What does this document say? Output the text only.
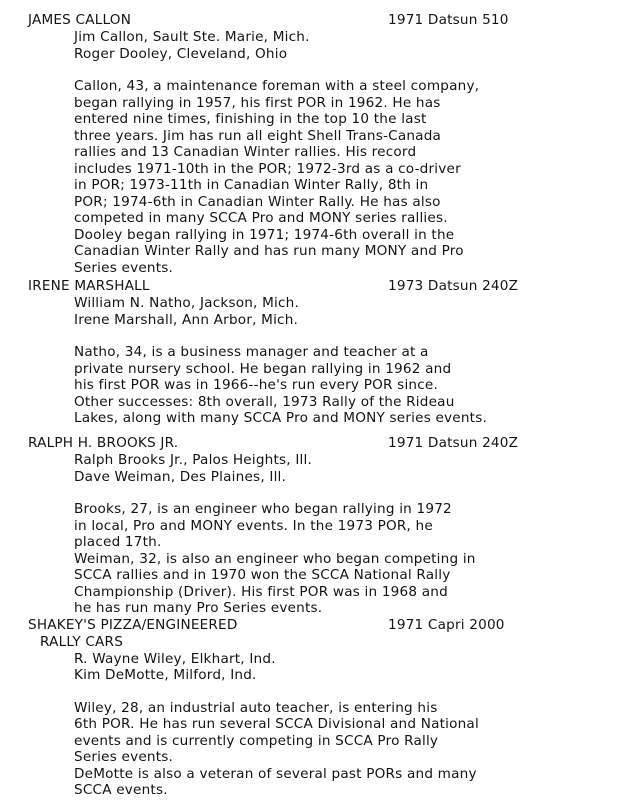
JAMES CALLON	1971 Datsun 510
Jim Callon, Sault Ste. Marie, Mich.
Roger Dooley, Cleveland, Ohio
Callon, 43, a maintenance foreman with a steel company,
began rallying in 1957, his first POR in 1962. He has
entered nine times, finishing in the top 10 the last
three years. Jim has run all eight Shell Trans-Canada
rallies and 13 Canadian Winter rallies. His record
includes 1971-10th in the POR; 1972-3rd as a co-driver
in POR; 1973-11th in Canadian Winter Rally, 8th in
POR; 1974-6th in Canadian Winter Rally. He has also
competed in many SCCA Pro and MONY series rallies.
Dooley began rallying in 1971; 1974-6th overall in the
Canadian Winter Rally and has run many MONY and Pro
Series events.
IRENE MARSHALL	1973 Datsun 240Z
William N. Natho, Jackson, Mich.
Irene Marshall, Ann Arbor, Mich.
Natho, 34, is a business manager and teacher at a
private nursery school. He began rallying in 1962 and
his first POR was in 1966--he's run every POR since.
Other successes: 8th overall, 1973 Rally of the Rideau
Lakes, along with many SCCA Pro and MONY series events.
RALPH H. BROOKS JR.	1971 Datsun 240Z
Ralph Brooks Jr., Palos Heights, Ill.
Dave Weiman, Des Plaines, Ill.
Brooks, 27, is an engineer who began rallying in 1972
in local, Pro and MONY events. In the 1973 POR, he
placed 17th.
Weiman, 32, is also an engineer who began competing in
SCCA rallies and in 1970 won the SCCA National Rally
Championship (Driver). His first POR was in 1968 and
he has run many Pro Series events.
SHAKEY'S PIZZA/ENGINEERED	1971 Capri 2000
RALLY CARS
R. Wayne Wiley, Elkhart, Ind.
Kim DeMotte, Milford, Ind.
Wiley, 28, an industrial auto teacher, is entering his
6th POR. He has run several SCCA Divisional and National
events and is currently competing in SCCA Pro Rally
Series events.
DeMotte is also a veteran of several past PORs and many
SCCA events.
